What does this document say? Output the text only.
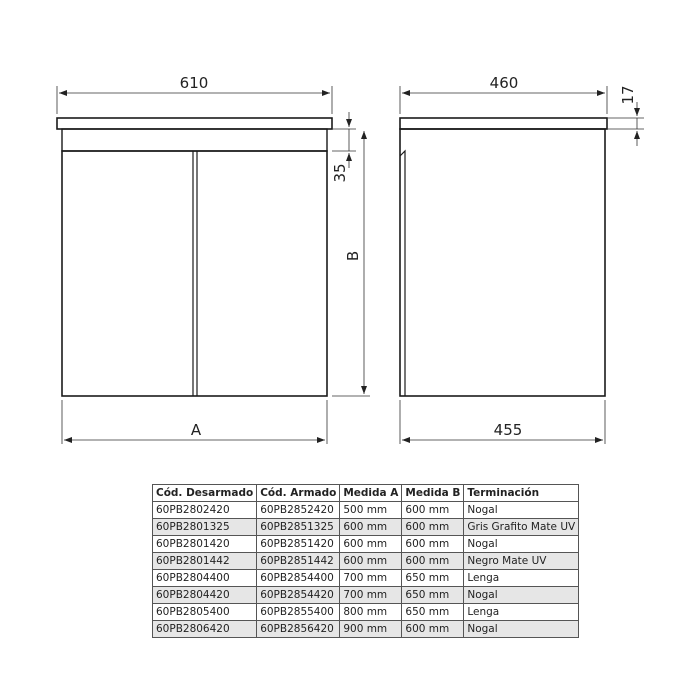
610
A
35
B
460
455
17
Cód. Desarmado	Cód. Armado	Medida A	Medida B	Terminación
60PB2802420	60PB2852420	500 mm	600 mm	Nogal
60PB2801325	60PB2851325	600 mm	600 mm	Gris Grafito Mate UV
60PB2801420	60PB2851420	600 mm	600 mm	Nogal
60PB2801442	60PB2851442	600 mm	600 mm	Negro Mate UV
60PB2804400	60PB2854400	700 mm	650 mm	Lenga
60PB2804420	60PB2854420	700 mm	650 mm	Nogal
60PB2805400	60PB2855400	800 mm	650 mm	Lenga
60PB2806420	60PB2856420	900 mm	600 mm	Nogal
